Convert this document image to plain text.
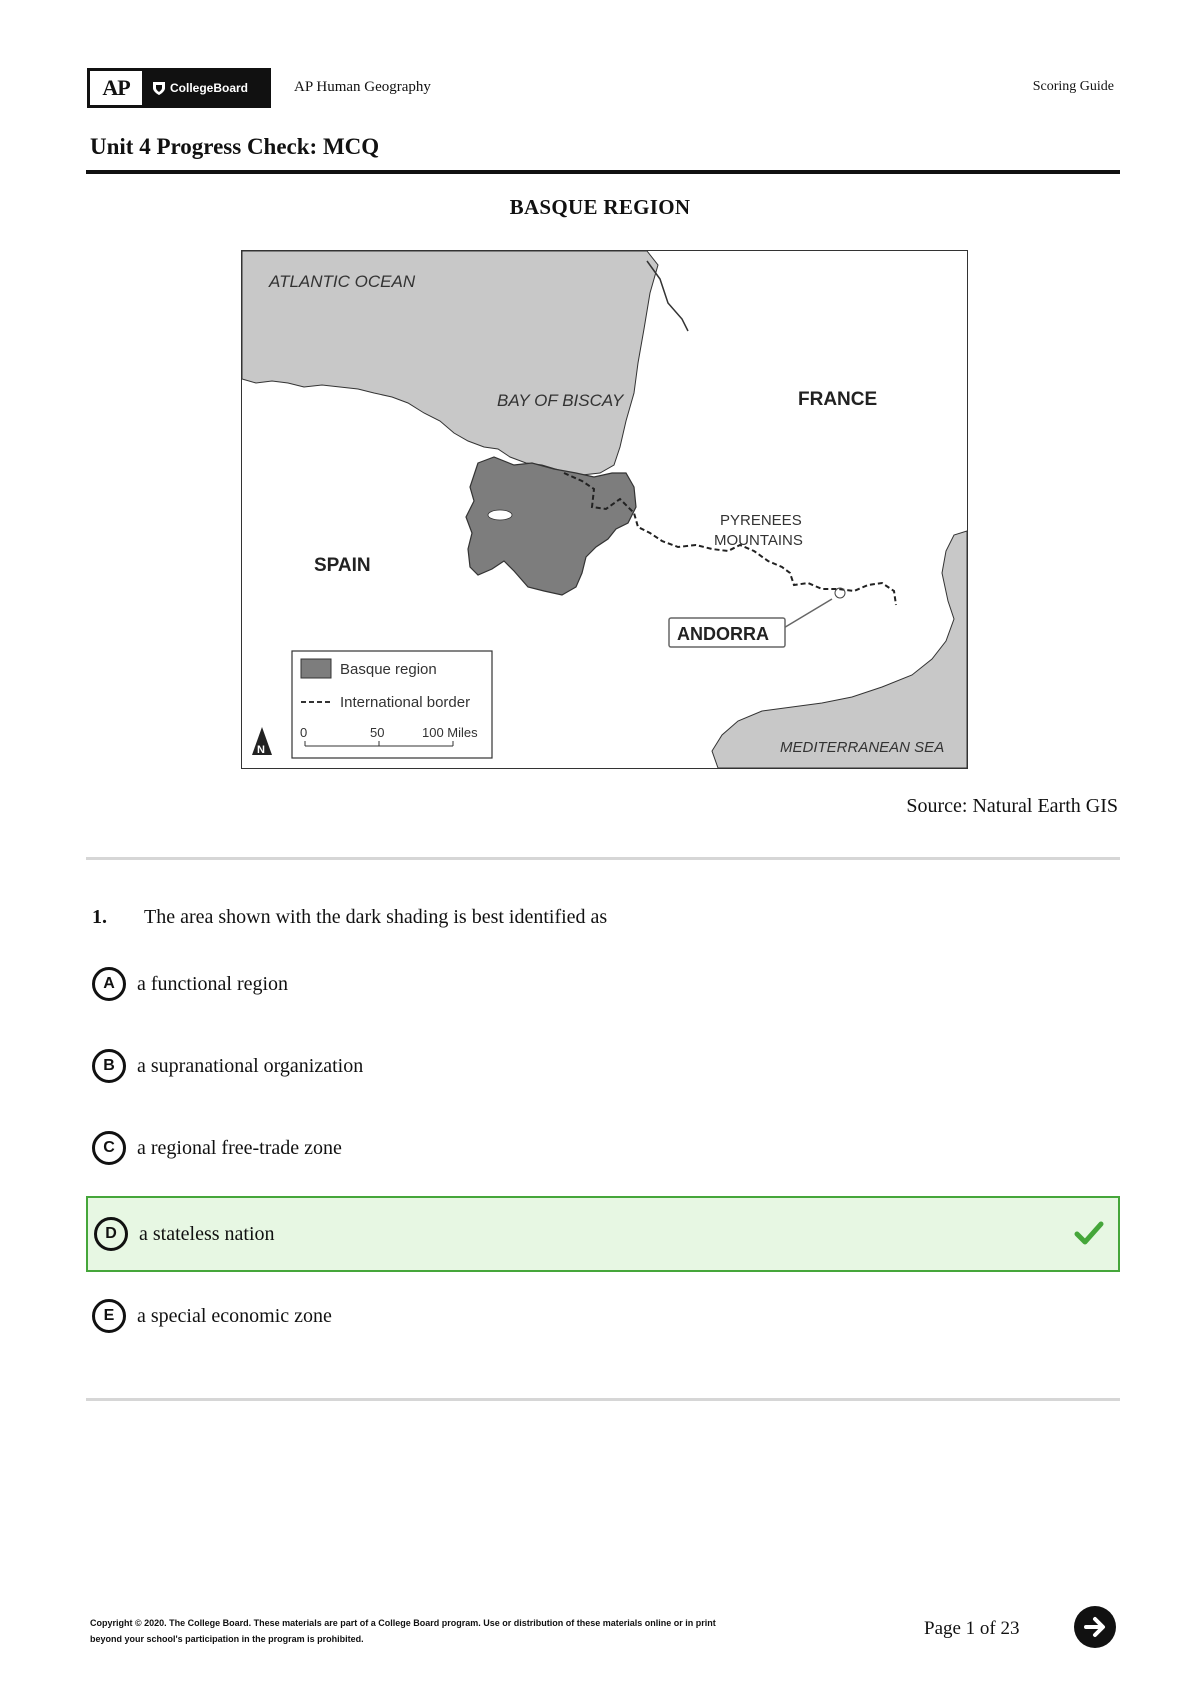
AP	CollegeBoard	AP Human Geography	Scoring Guide
Unit 4 Progress Check: MCQ
BASQUE REGION
ATLANTIC OCEAN
BAY OF BISCAY	FRANCE
SPAIN
PYRENEES
MOUNTAINS
ANDORRA
MEDITERRANEAN SEA
Basque region
International border
0	50	100 Miles
N
Source: Natural Earth GIS
1. The area shown with the dark shading is best identified as
A	a functional region
B	a supranational organization
C	a regional free-trade zone
D	a stateless nation
E	a special economic zone
Copyright © 2020. The College Board. These materials are part of a College Board program. Use or distribution of these materials online or in print
beyond your school's participation in the program is prohibited.	Page 1 of 23
